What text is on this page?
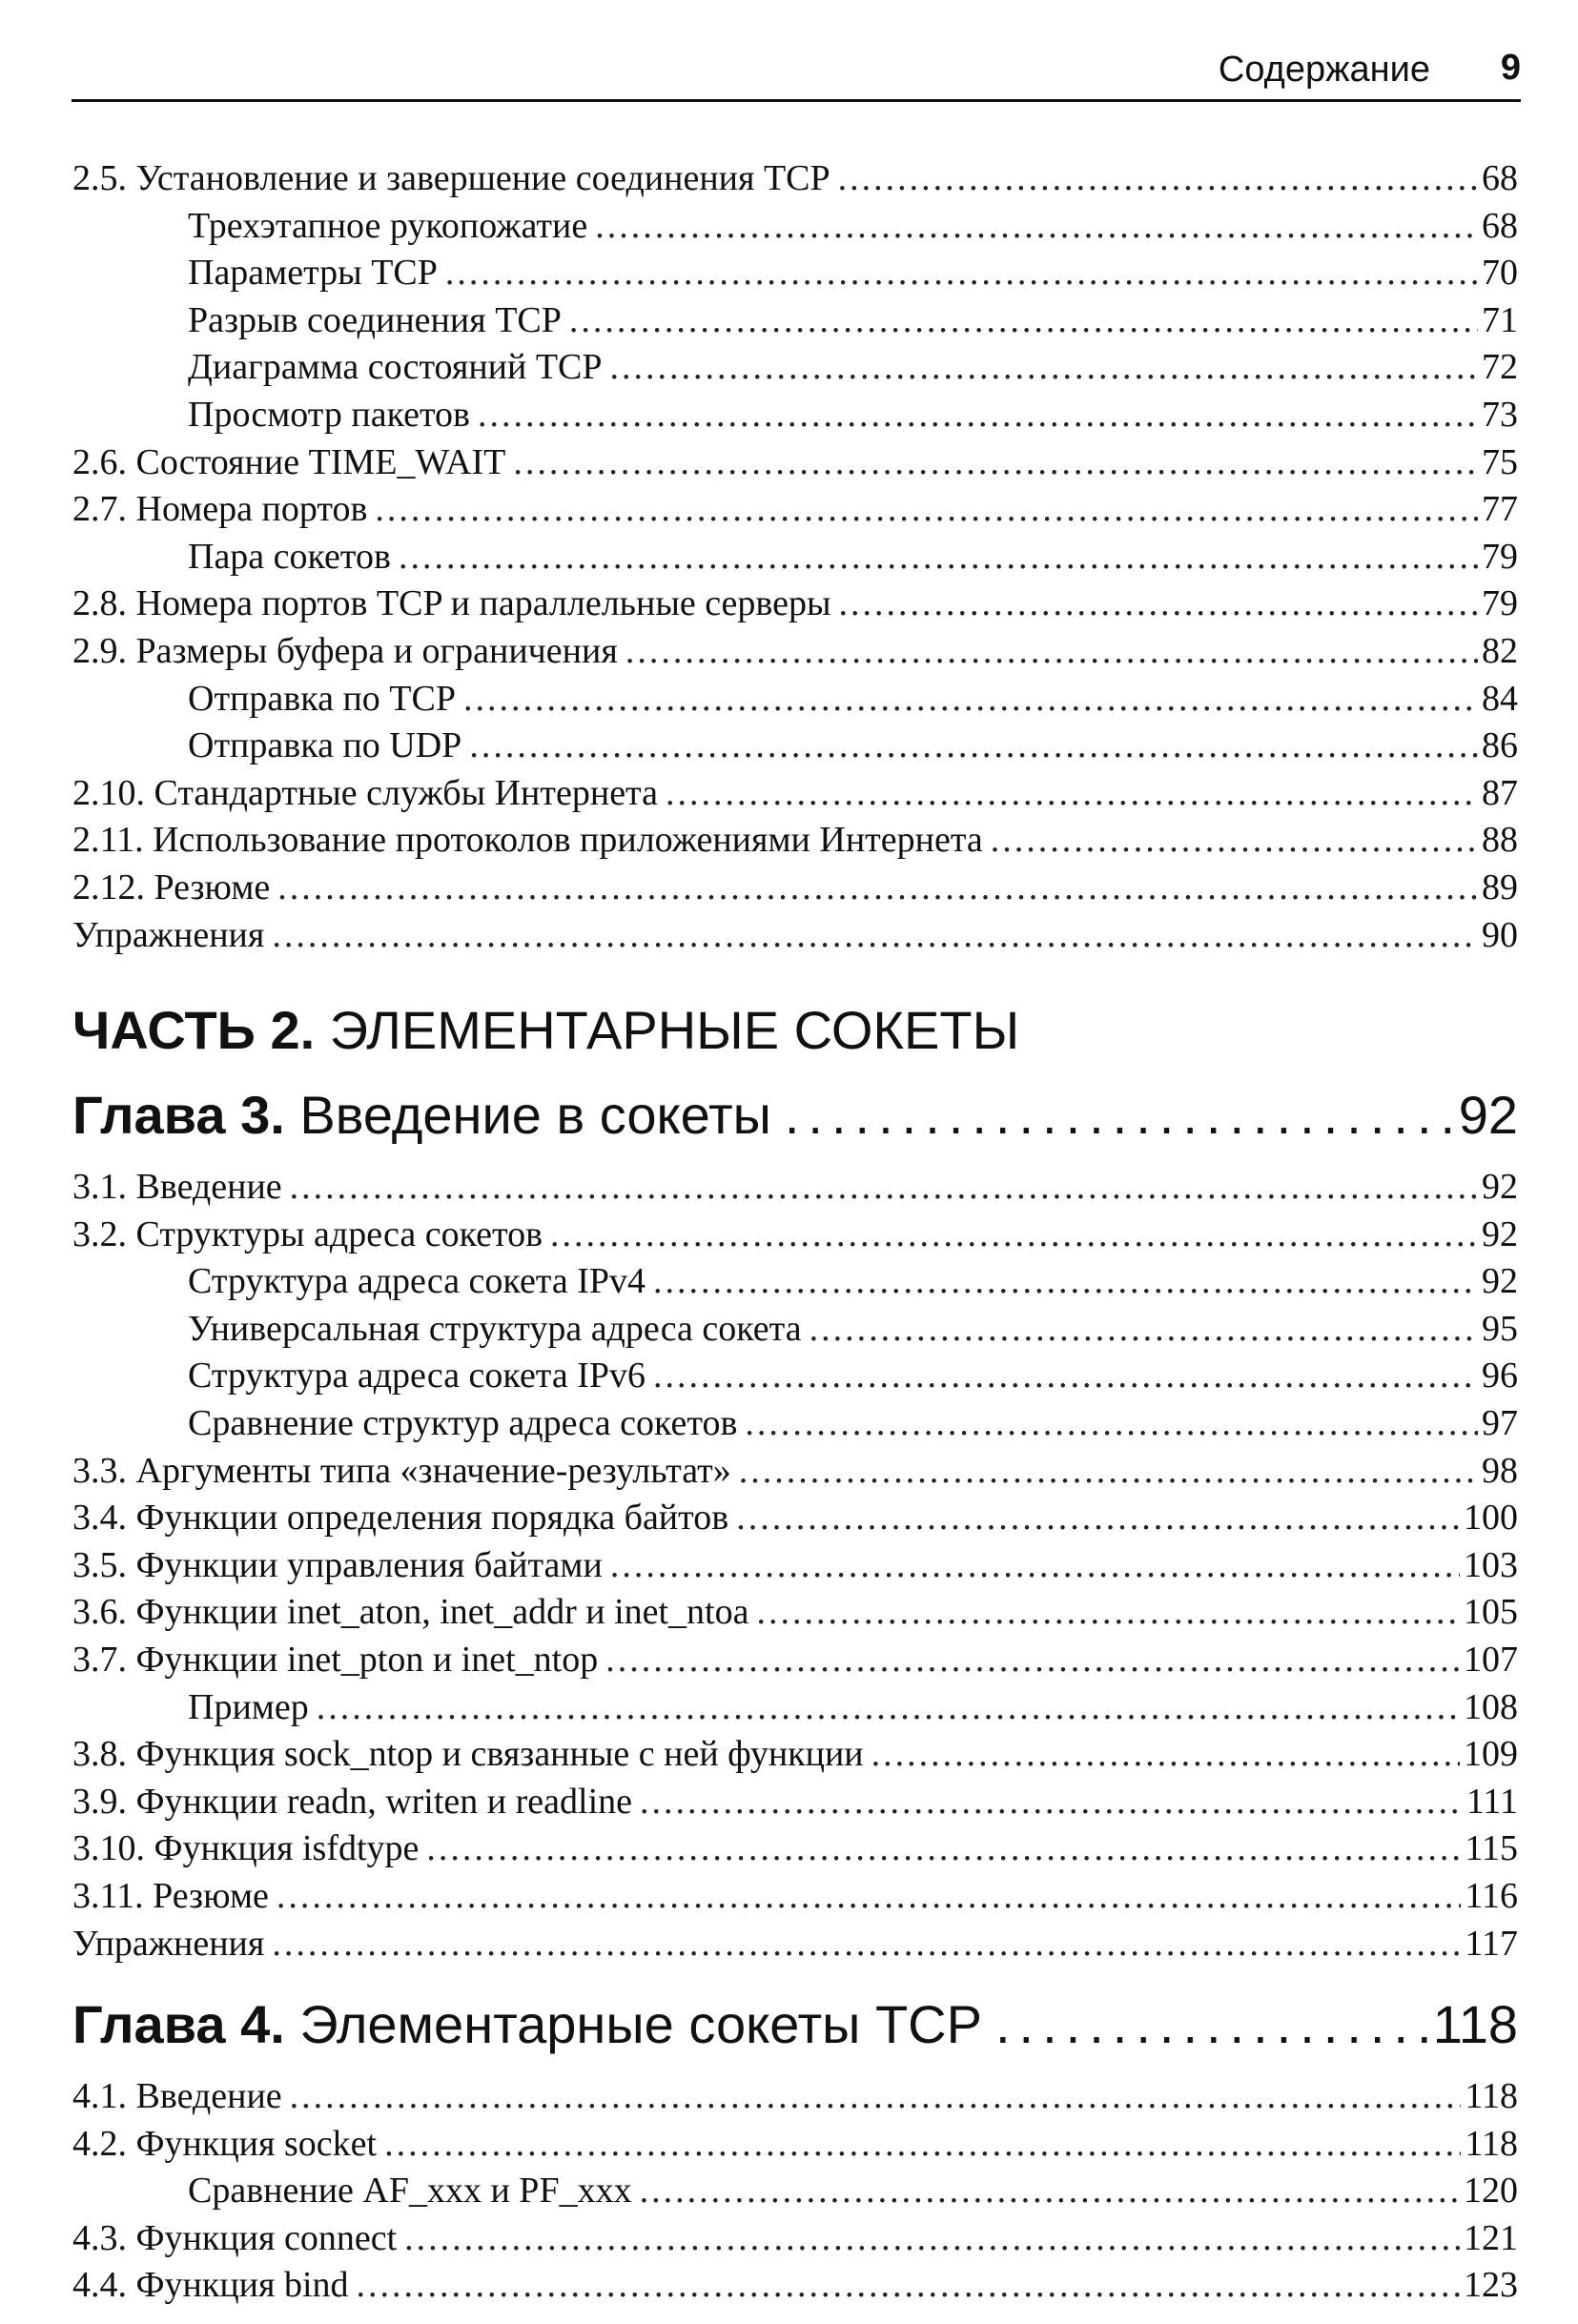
Содержание 9
2.5. Установление и завершение соединения TCP .....	68
Трехэтапное рукопожатие .....	68
Параметры TCP .....	70
Разрыв соединения TCP .....	71
Диаграмма состояний TCP .....	72
Просмотр пакетов .....	73
2.6. Состояние TIME_WAIT .....	75
2.7. Номера портов .....	77
Пара сокетов .....	79
2.8. Номера портов TCP и параллельные серверы .....	79
2.9. Размеры буфера и ограничения .....	82
Отправка по TCP .....	84
Отправка по UDP .....	86
2.10. Стандартные службы Интернета .....	87
2.11. Использование протоколов приложениями Интернета .....	88
2.12. Резюме .....	89
Упражнения .....	90
ЧАСТЬ 2. ЭЛЕМЕНТАРНЫЕ СОКЕТЫ
Глава 3. Введение в сокеты .....	92
3.1. Введение .....	92
3.2. Структуры адреса сокетов .....	92
Структура адреса сокета IPv4 .....	92
Универсальная структура адреса сокета .....	95
Структура адреса сокета IPv6 .....	96
Сравнение структур адреса сокетов .....	97
3.3. Аргументы типа «значение-результат» .....	98
3.4. Функции определения порядка байтов .....	100
3.5. Функции управления байтами .....	103
3.6. Функции inet_aton, inet_addr и inet_ntoa .....	105
3.7. Функции inet_pton и inet_ntop .....	107
Пример .....	108
3.8. Функция sock_ntop и связанные с ней функции .....	109
3.9. Функции readn, writen и readline .....	111
3.10. Функция isfdtype .....	115
3.11. Резюме .....	116
Упражнения .....	117
Глава 4. Элементарные сокеты TCP .....	118
4.1. Введение .....	118
4.2. Функция socket .....	118
Сравнение AF_xxx и PF_xxx .....	120
4.3. Функция connect .....	121
4.4. Функция bind .....	123
